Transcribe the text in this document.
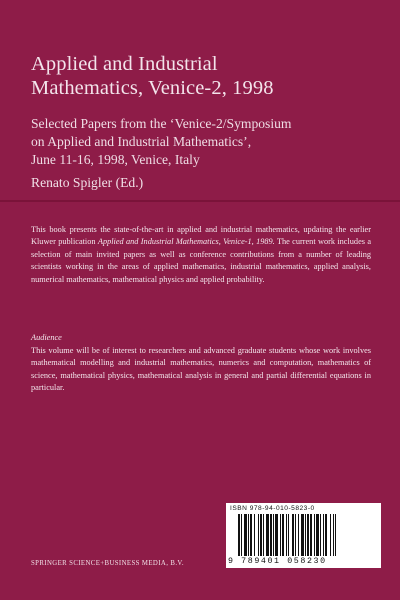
Applied and Industrial
Mathematics, Venice-2, 1998
Selected Papers from the ‘Venice-2/Symposium
on Applied and Industrial Mathematics’,
June 11-16, 1998, Venice, Italy
Renato Spigler (Ed.)
This book presents the state-of-the-art in applied and industrial mathematics, updating the earlier Kluwer publication Applied and Industrial Mathematics, Venice-1, 1989. The current work includes a selection of main invited papers as well as conference contributions from a number of leading scientists working in the areas of applied mathematics, industrial mathematics, applied analysis, numerical mathematics, mathematical physics and applied probability.
Audience
This volume will be of interest to researchers and advanced graduate students whose work involves mathematical modelling and industrial mathematics, numerics and computation, mathematics of science, mathematical physics, mathematical analysis in general and partial differential equations in particular.
ISBN 978-94-010-5823-0
9 789401 058230
SPRINGER SCIENCE+BUSINESS MEDIA, B.V.
